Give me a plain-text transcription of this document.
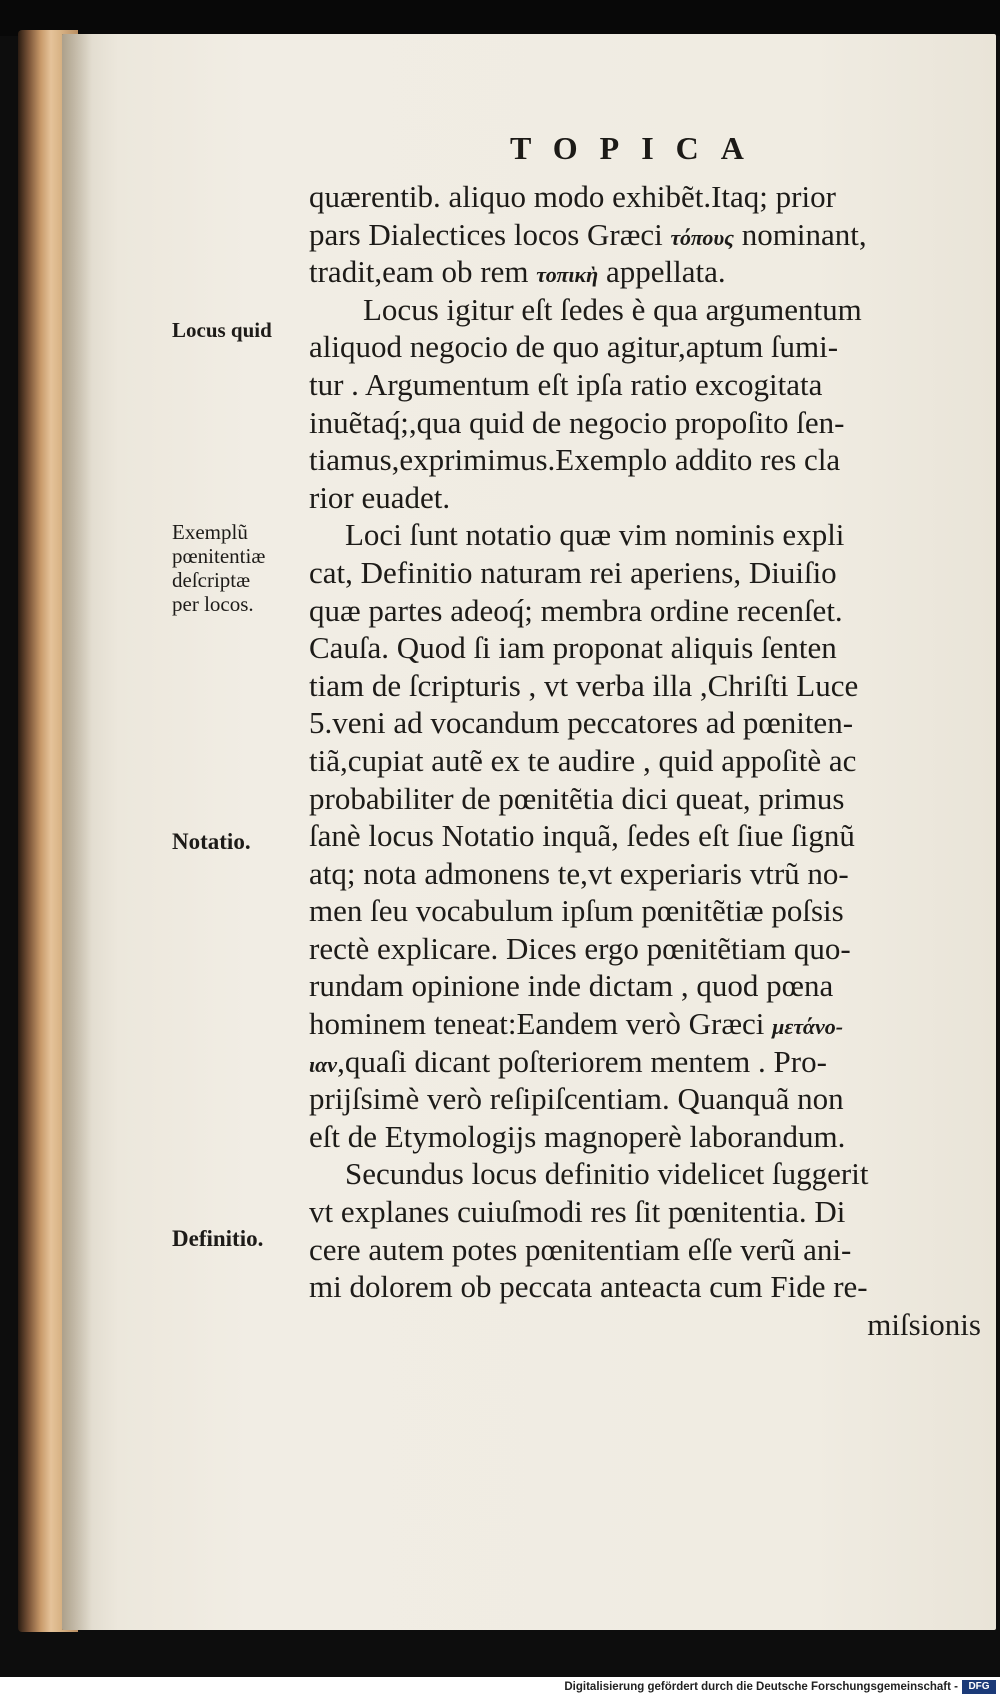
TOPICA
Locus quid
Exemplũ
pœnitentiæ
deſcriptæ
per locos.
Notatio.
Definitio.
quærentib. aliquo modo exhibẽt.Itaq; prior
pars Dialectices locos Græci τόπους nominant,
tradit,eam ob rem τοπικὴ appellata.
Locus igitur eſt ſedes è qua argumentum
aliquod negocio de quo agitur,aptum ſumi-
tur . Argumentum eſt ipſa ratio excogitata
inuẽtaq́;,qua quid de negocio propoſito ſen-
tiamus,exprimimus.Exemplo addito res cla
rior euadet.
Loci ſunt notatio quæ vim nominis expli
cat, Definitio naturam rei aperiens, Diuiſio
quæ partes adeoq́; membra ordine recenſet.
Cauſa. Quod ſi iam proponat aliquis ſenten
tiam de ſcripturis , vt verba illa ,Chriſti Luce
5.veni ad vocandum peccatores ad pœniten-
tiã,cupiat autẽ ex te audire , quid appoſitè ac
probabiliter de pœnitẽtia dici queat, primus
ſanè locus Notatio inquã, ſedes eſt ſiue ſignũ
atq; nota admonens te,vt experiaris vtrũ no-
men ſeu vocabulum ipſum pœnitẽtiæ poſsis
rectè explicare. Dices ergo pœnitẽtiam quo-
rundam opinione inde dictam , quod pœna
hominem teneat:Eandem verò Græci μετάνο-
ιαν,quaſi dicant poſteriorem mentem . Pro-
prijſsimè verò reſipiſcentiam. Quanquã non
eſt de Etymologijs magnoperè laborandum.
Secundus locus definitio videlicet ſuggerit
vt explanes cuiuſmodi res ſit pœnitentia. Di
cere autem potes pœnitentiam eſſe verũ ani-
mi dolorem ob peccata anteacta cum Fide re-
miſsionis
Digitalisierung gefördert durch die Deutsche Forschungsgemeinschaft -	DFG
